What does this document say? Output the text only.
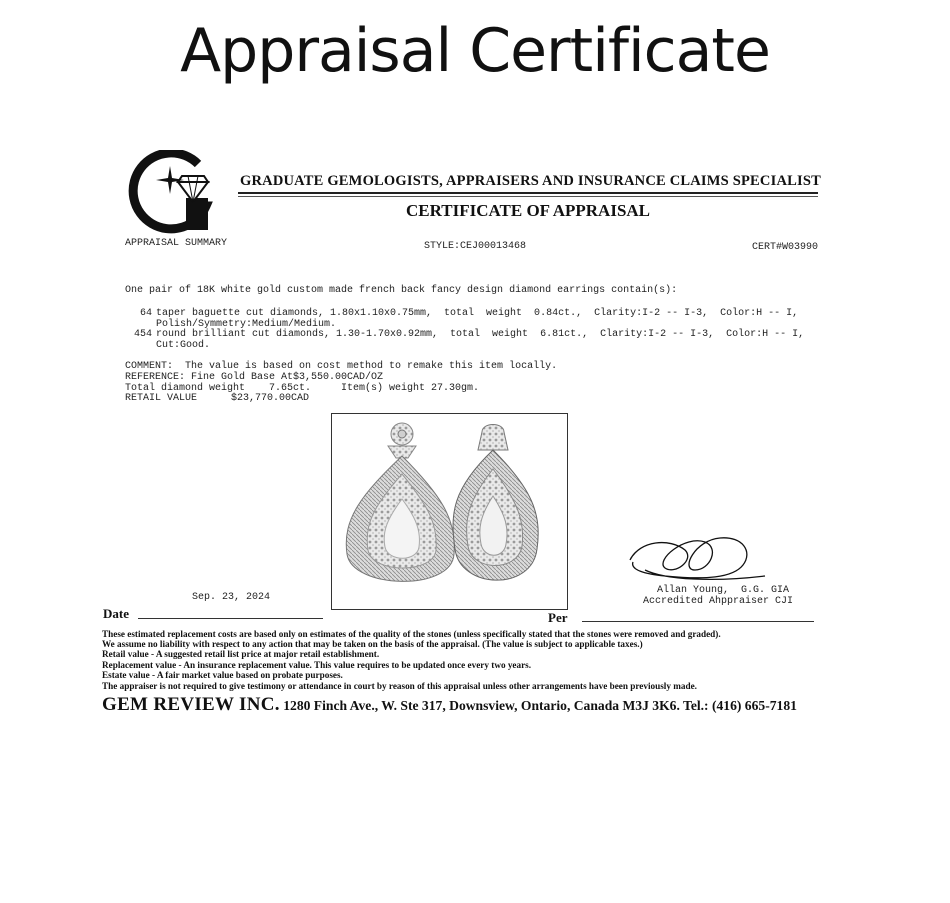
Appraisal Certificate
GRADUATE GEMOLOGISTS, APPRAISERS AND INSURANCE CLAIMS SPECIALIST
CERTIFICATE OF APPRAISAL
APPRAISAL SUMMARY	STYLE:CEJ00013468	CERT#W03990
One pair of 18K white gold custom made french back fancy design diamond earrings contain(s):
64 taper baguette cut diamonds, 1.80x1.10x0.75mm,  total  weight  0.84ct.,  Clarity:I-2 -- I-3,  Color:H -- I,
Polish/Symmetry:Medium/Medium.
454 round brilliant cut diamonds, 1.30-1.70x0.92mm,  total  weight  6.81ct.,  Clarity:I-2 -- I-3,  Color:H -- I,
Cut:Good.
COMMENT:  The value is based on cost method to remake this item locally.
REFERENCE: Fine Gold Base At$3,550.00CAD/OZ
Total diamond weight    7.65ct.     Item(s) weight 27.30gm.
RETAIL VALUE	$23,770.00CAD
Allan Young,  G.G. GIA
Accredited Ahppraiser CJI
Sep. 23, 2024
Date	Per
These estimated replacement costs are based only on estimates of the quality of the stones (unless specifically stated that the stones were removed and graded).
We assume no liability with respect to any action that may be taken on the basis of the appraisal. (The value is subject to applicable taxes.)
Retail value - A suggested retail list price at major retail establishment.
Replacement value - An insurance replacement value. This value requires to be updated once every two years.
Estate value - A fair market value based on probate purposes.
The appraiser is not required to give testimony or attendance in court by reason of this appraisal unless other arrangements have been previously made.
GEM REVIEW INC. 1280 Finch Ave., W. Ste 317, Downsview, Ontario, Canada M3J 3K6. Tel.: (416) 665-7181
